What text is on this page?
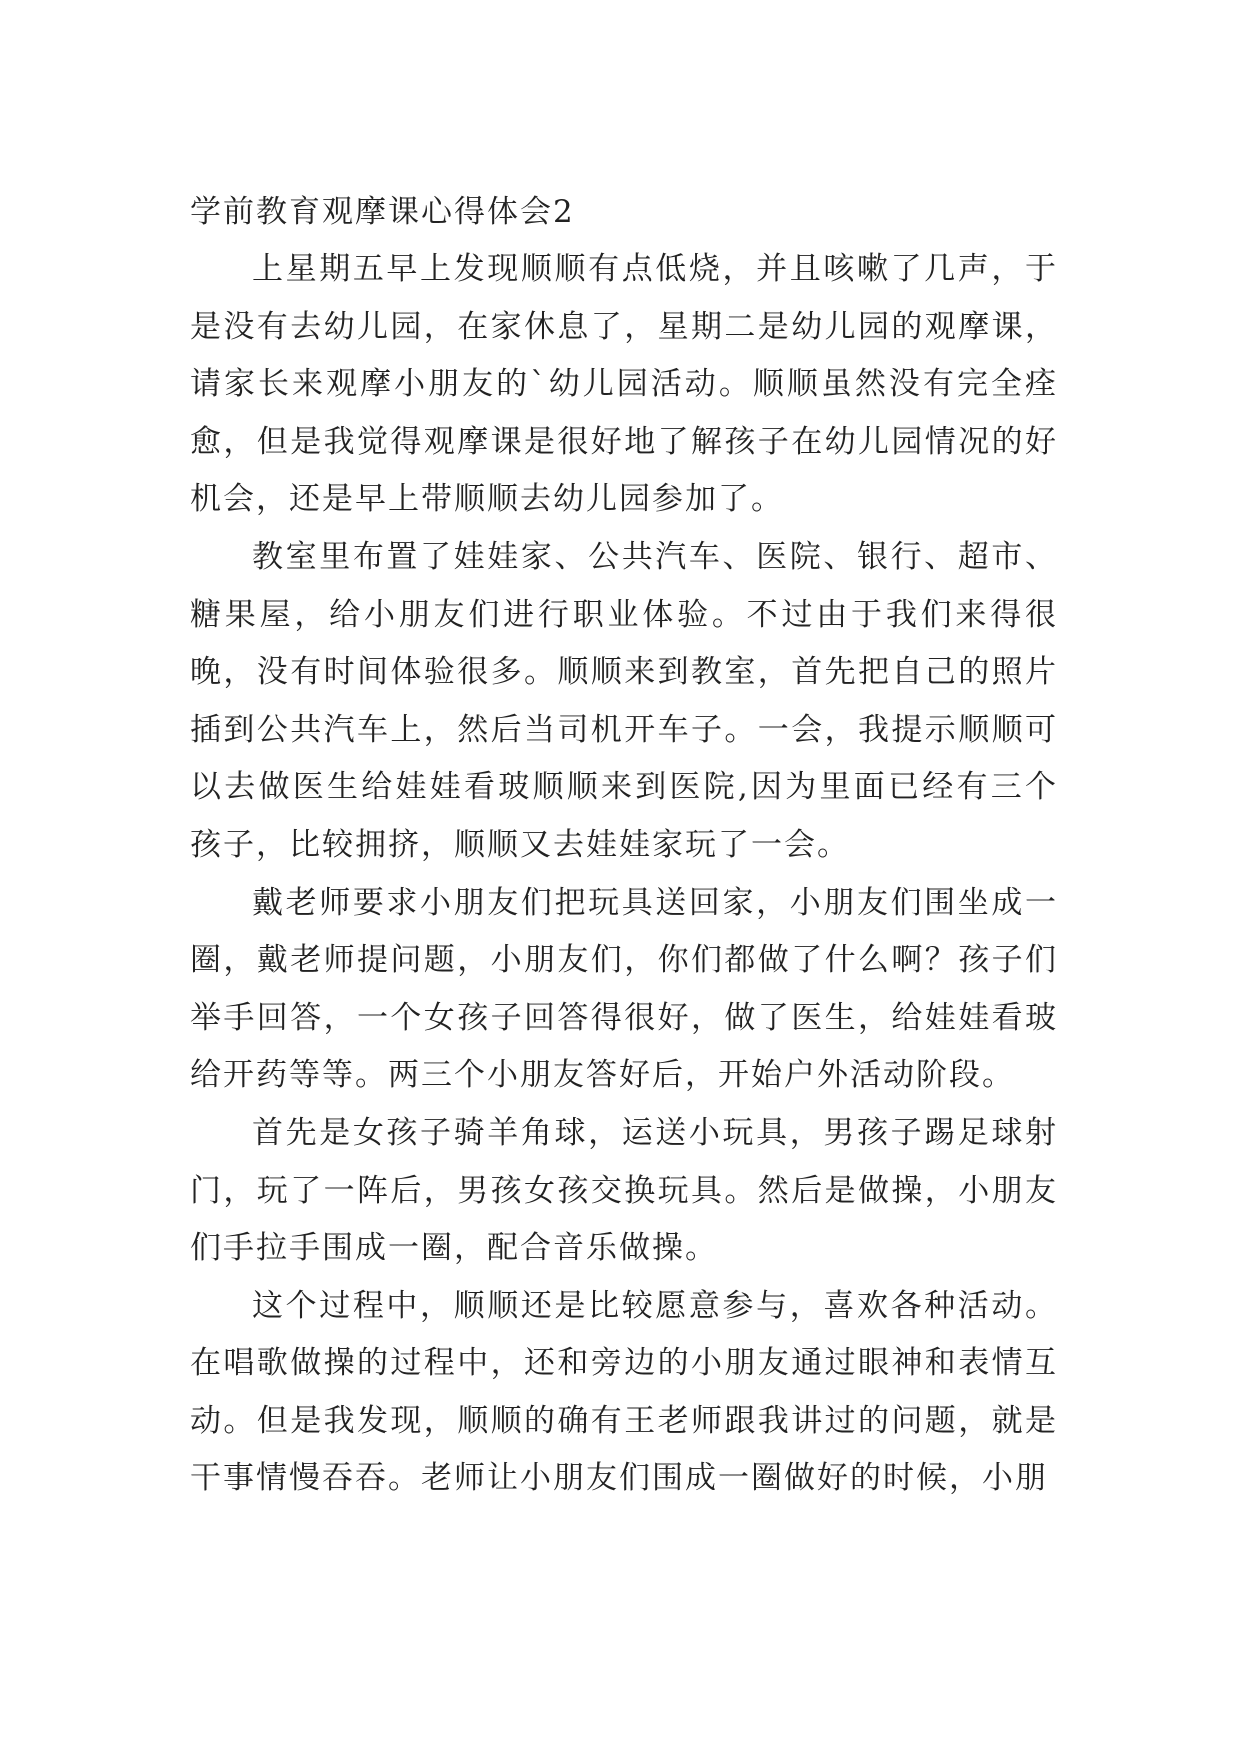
学前教育观摩课心得体会2

上星期五早上发现顺顺有点低烧，并且咳嗽了几声，于是没有去幼儿园，在家休息了，星期二是幼儿园的观摩课，请家长来观摩小朋友的`幼儿园活动。顺顺虽然没有完全痊愈，但是我觉得观摩课是很好地了解孩子在幼儿园情况的好机会，还是早上带顺顺去幼儿园参加了。

教室里布置了娃娃家、公共汽车、医院、银行、超市、糖果屋，给小朋友们进行职业体验。不过由于我们来得很晚，没有时间体验很多。顺顺来到教室，首先把自己的照片插到公共汽车上，然后当司机开车子。一会，我提示顺顺可以去做医生给娃娃看玻顺顺来到医院,因为里面已经有三个孩子，比较拥挤，顺顺又去娃娃家玩了一会。

戴老师要求小朋友们把玩具送回家，小朋友们围坐成一圈，戴老师提问题，小朋友们，你们都做了什么啊？孩子们举手回答，一个女孩子回答得很好，做了医生，给娃娃看玻给开药等等。两三个小朋友答好后，开始户外活动阶段。

首先是女孩子骑羊角球，运送小玩具，男孩子踢足球射门，玩了一阵后，男孩女孩交换玩具。然后是做操，小朋友们手拉手围成一圈，配合音乐做操。

这个过程中，顺顺还是比较愿意参与，喜欢各种活动。在唱歌做操的过程中，还和旁边的小朋友通过眼神和表情互动。但是我发现，顺顺的确有王老师跟我讲过的问题，就是干事情慢吞吞。老师让小朋友们围成一圈做好的时候，小朋
